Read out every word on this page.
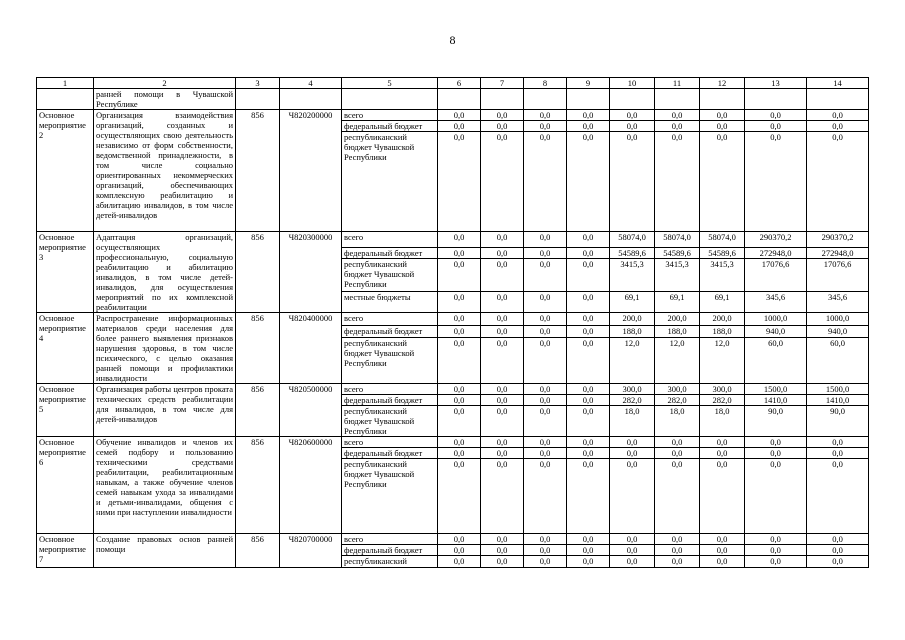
8
1	2	3	4	5	6	7	8	9	10	11	12	13	14
	ранней помощи в Чувашской Республике												
Основное мероприятие 2	Организация взаимодействия организаций, созданных и осуществляющих свою деятельность независимо от форм собственности, ведомственной принадлежности, в том числе социально ориентированных некоммерческих организаций, обеспечивающих комплексную реабилитацию и абилитацию инвалидов, в том числе детей-инвалидов	856	Ч820200000	всего	0,0	0,0	0,0	0,0	0,0	0,0	0,0	0,0	0,0
				федеральный бюджет	0,0	0,0	0,0	0,0	0,0	0,0	0,0	0,0	0,0
				республиканский бюджет Чувашской Республики	0,0	0,0	0,0	0,0	0,0	0,0	0,0	0,0	0,0
Основное мероприятие 3	Адаптация организаций, осуществляющих профессиональную, социальную реабилитацию и абилитацию инвалидов, в том числе детей-инвалидов, для осуществления мероприятий по их комплексной реабилитации	856	Ч820300000	всего	0,0	0,0	0,0	0,0	58074,0	58074,0	58074,0	290370,2	290370,2
				федеральный бюджет	0,0	0,0	0,0	0,0	54589,6	54589,6	54589,6	272948,0	272948,0
				республиканский бюджет Чувашской Республики	0,0	0,0	0,0	0,0	3415,3	3415,3	3415,3	17076,6	17076,6
				местные бюджеты	0,0	0,0	0,0	0,0	69,1	69,1	69,1	345,6	345,6
Основное мероприятие 4	Распространение информационных материалов среди населения для более раннего выявления признаков нарушения здоровья, в том числе психического, с целью оказания ранней помощи и профилактики инвалидности	856	Ч820400000	всего	0,0	0,0	0,0	0,0	200,0	200,0	200,0	1000,0	1000,0
				федеральный бюджет	0,0	0,0	0,0	0,0	188,0	188,0	188,0	940,0	940,0
				республиканский бюджет Чувашской Республики	0,0	0,0	0,0	0,0	12,0	12,0	12,0	60,0	60,0
Основное мероприятие 5	Организация работы центров проката технических средств реабилитации для инвалидов, в том числе для детей-инвалидов	856	Ч820500000	всего	0,0	0,0	0,0	0,0	300,0	300,0	300,0	1500,0	1500,0
				федеральный бюджет	0,0	0,0	0,0	0,0	282,0	282,0	282,0	1410,0	1410,0
				республиканский бюджет Чувашской Республики	0,0	0,0	0,0	0,0	18,0	18,0	18,0	90,0	90,0
Основное мероприятие 6	Обучение инвалидов и членов их семей подбору и пользованию техническими средствами реабилитации, реабилитационным навыкам, а также обучение членов семей навыкам ухода за инвалидами и детьми-инвалидами, общения с ними при наступлении инвалидности	856	Ч820600000	всего	0,0	0,0	0,0	0,0	0,0	0,0	0,0	0,0	0,0
				федеральный бюджет	0,0	0,0	0,0	0,0	0,0	0,0	0,0	0,0	0,0
				республиканский бюджет Чувашской Республики	0,0	0,0	0,0	0,0	0,0	0,0	0,0	0,0	0,0
Основное мероприятие 7	Создание правовых основ ранней помощи	856	Ч820700000	всего	0,0	0,0	0,0	0,0	0,0	0,0	0,0	0,0	0,0
				федеральный бюджет	0,0	0,0	0,0	0,0	0,0	0,0	0,0	0,0	0,0
				республиканский	0,0	0,0	0,0	0,0	0,0	0,0	0,0	0,0	0,0
